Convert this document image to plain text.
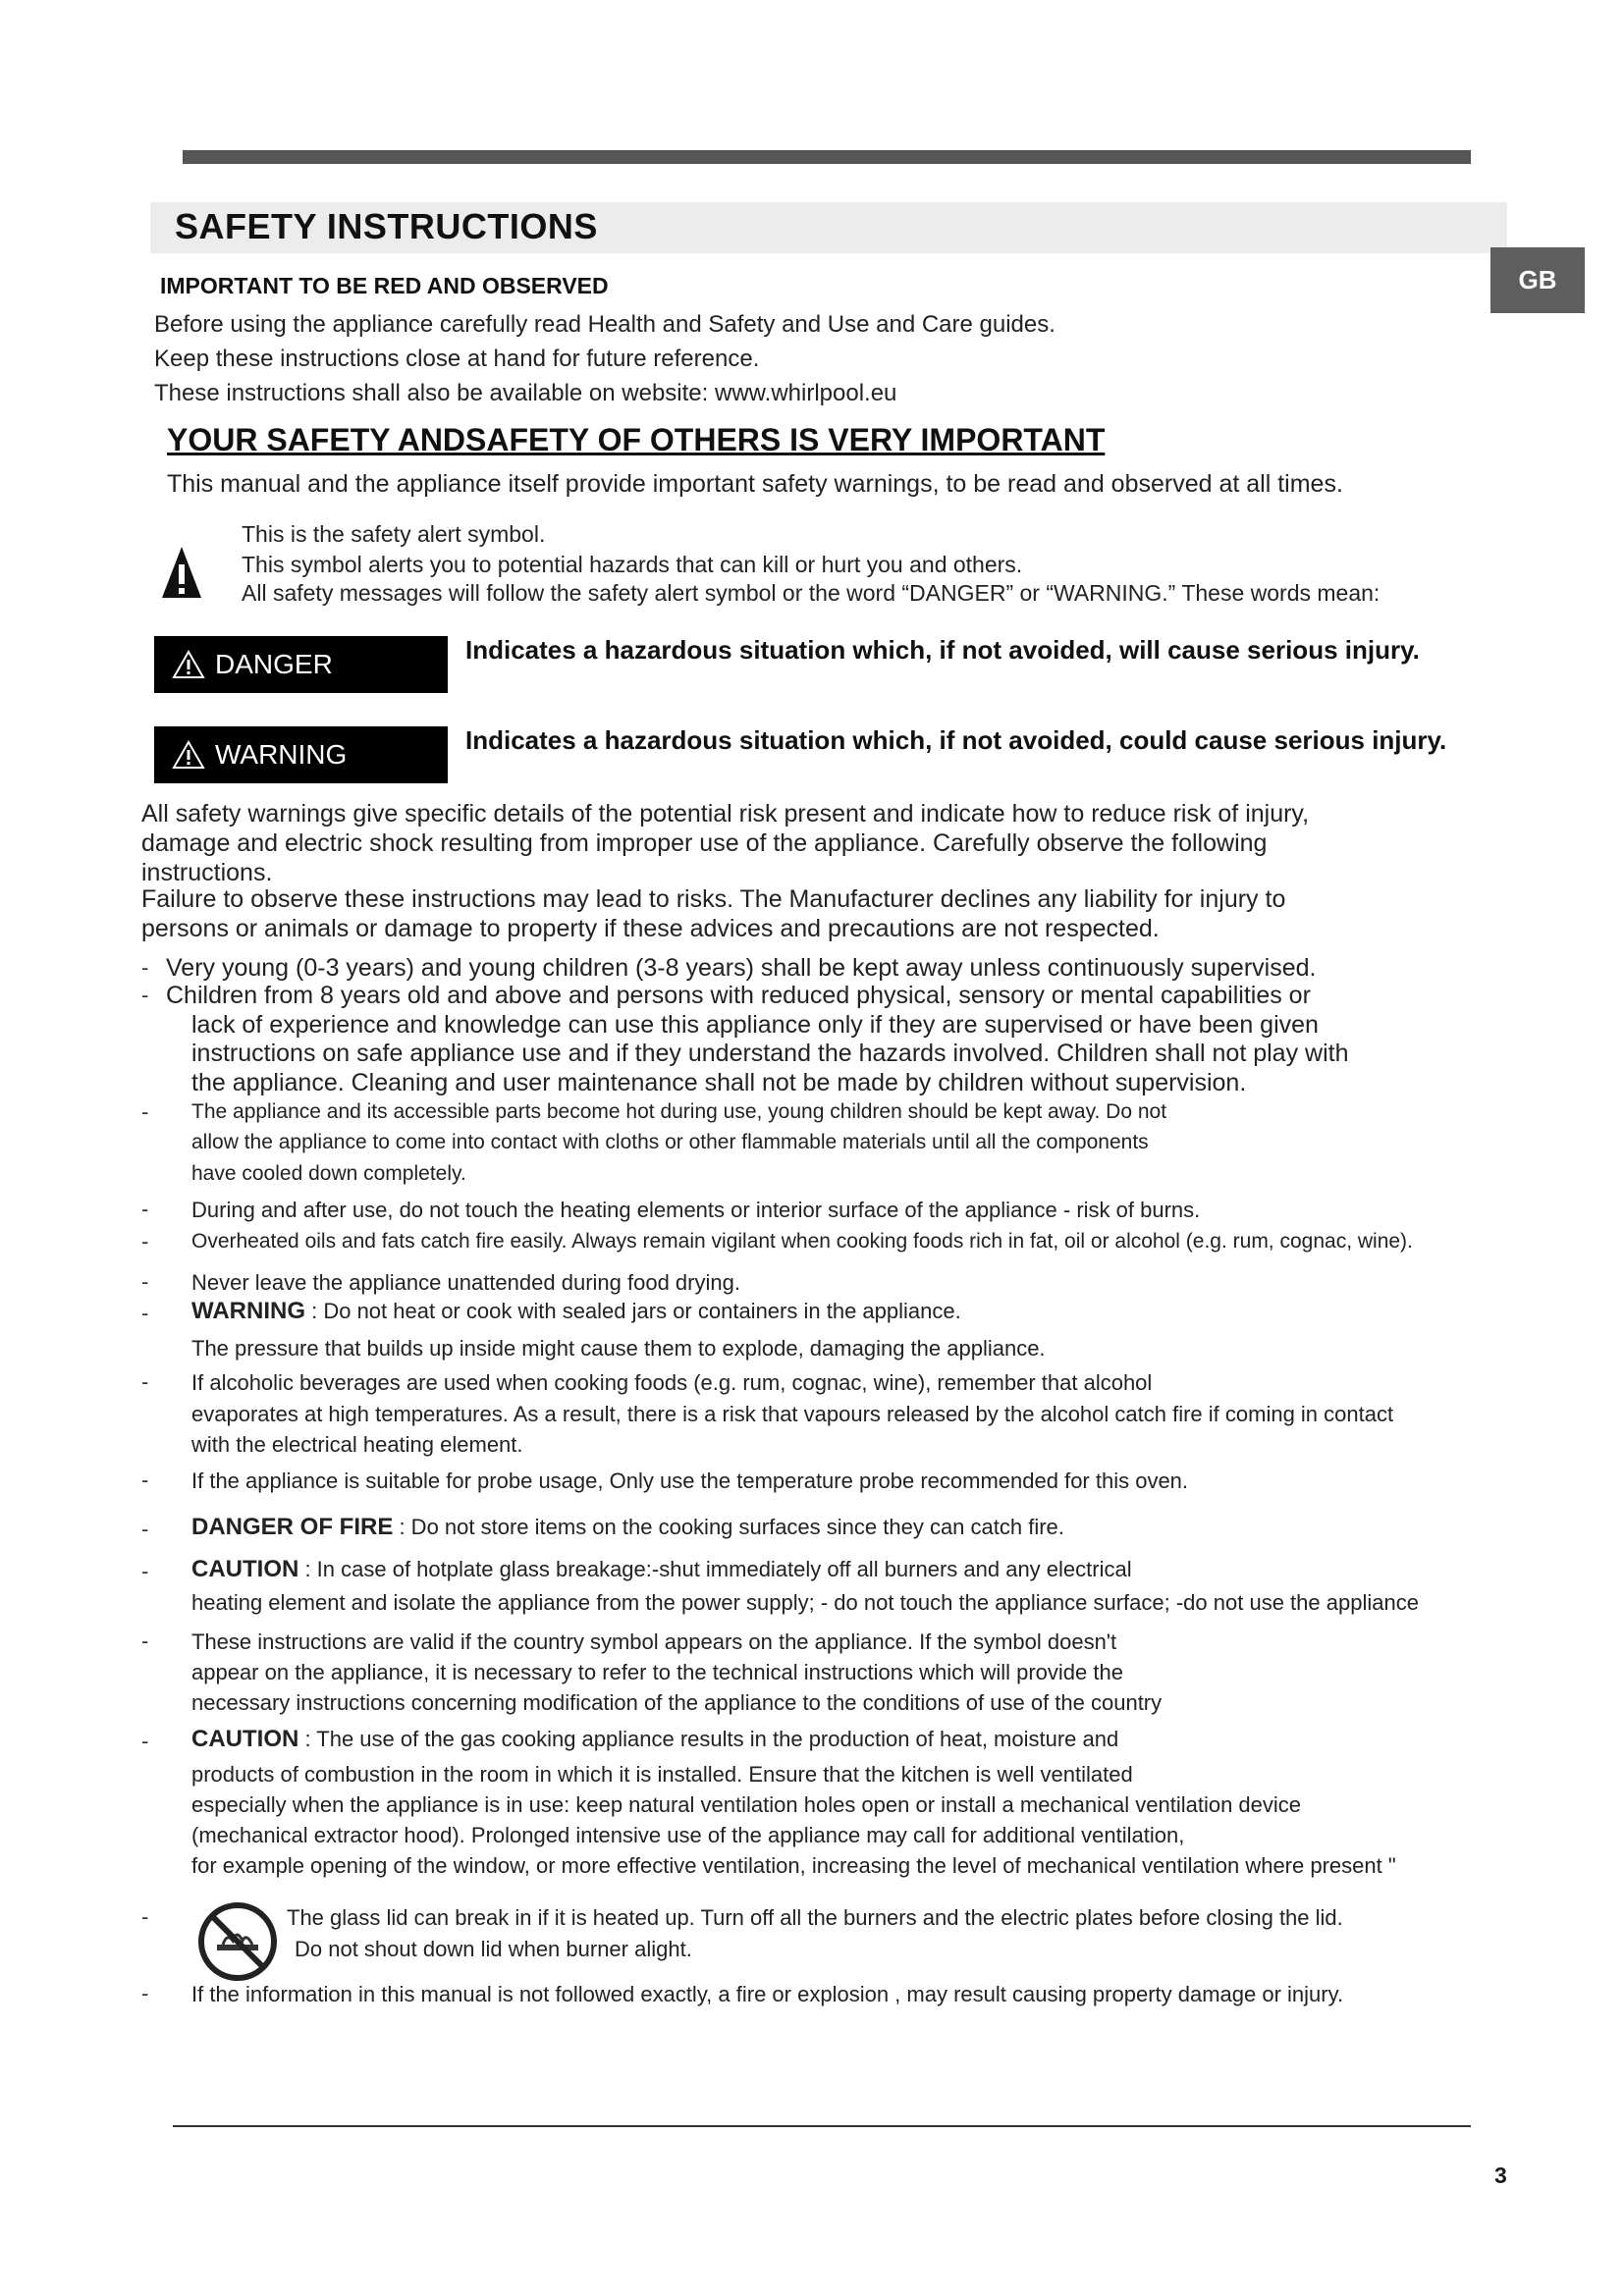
SAFETY INSTRUCTIONS
GB
IMPORTANT TO BE RED AND OBSERVED
Before using the appliance carefully read Health and Safety and Use and Care guides.
Keep these instructions close at hand for future reference.
These instructions shall also be available on website: www.whirlpool.eu
YOUR SAFETY ANDSAFETY OF OTHERS IS VERY IMPORTANT
This manual and the appliance itself provide important safety warnings, to be read and observed at all times.
This is the safety alert symbol.
This symbol alerts you to potential hazards that can kill or hurt you and others.
All safety messages will follow the safety alert symbol or the word “DANGER” or “WARNING.” These words mean:
DANGER	Indicates a hazardous situation which, if not avoided, will cause serious injury.
WARNING	Indicates a hazardous situation which, if not avoided, could cause serious injury.
All safety warnings give specific details of the potential risk present and indicate how to reduce risk of injury,
damage and electric shock resulting from improper use of the appliance. Carefully observe the following
instructions.
Failure to observe these instructions may lead to risks. The Manufacturer declines any liability for injury to
persons or animals or damage to property if these advices and precautions are not respected.
- Very young (0-3 years) and young children (3-8 years) shall be kept away unless continuously supervised.
- Children from 8 years old and above and persons with reduced physical, sensory or mental capabilities or
lack of experience and knowledge can use this appliance only if they are supervised or have been given
instructions on safe appliance use and if they understand the hazards involved. Children shall not play with
the appliance. Cleaning and user maintenance shall not be made by children without supervision.
- The appliance and its accessible parts become hot during use, young children should be kept away. Do not
allow the appliance to come into contact with cloths or other flammable materials until all the components
have cooled down completely.
- During and after use, do not touch the heating elements or interior surface of the appliance - risk of burns.
- Overheated oils and fats catch fire easily. Always remain vigilant when cooking foods rich in fat, oil or alcohol (e.g. rum, cognac, wine).
- Never leave the appliance unattended during food drying.
- WARNING : Do not heat or cook with sealed jars or containers in the appliance.
The pressure that builds up inside might cause them to explode, damaging the appliance.
- If alcoholic beverages are used when cooking foods (e.g. rum, cognac, wine), remember that alcohol
evaporates at high temperatures. As a result, there is a risk that vapours released by the alcohol catch fire if coming in contact
with the electrical heating element.
- If the appliance is suitable for probe usage, Only use the temperature probe recommended for this oven.
- DANGER OF FIRE : Do not store items on the cooking surfaces since they can catch fire.
- CAUTION : In case of hotplate glass breakage:-shut immediately off all burners and any electrical
heating element and isolate the appliance from the power supply; - do not touch the appliance surface; -do not use the appliance
- These instructions are valid if the country symbol appears on the appliance. If the symbol doesn't
appear on the appliance, it is necessary to refer to the technical instructions which will provide the
necessary instructions concerning modification of the appliance to the conditions of use of the country
- CAUTION : The use of the gas cooking appliance results in the production of heat, moisture and
products of combustion in the room in which it is installed. Ensure that the kitchen is well ventilated
especially when the appliance is in use: keep natural ventilation holes open or install a mechanical ventilation device
(mechanical extractor hood). Prolonged intensive use of the appliance may call for additional ventilation,
for example opening of the window, or more effective ventilation, increasing the level of mechanical ventilation where present "
-	The glass lid can break in if it is heated up. Turn off all the burners and the electric plates before closing the lid.
Do not shout down lid when burner alight.
- If the information in this manual is not followed exactly, a fire or explosion , may result causing property damage or injury.
3
